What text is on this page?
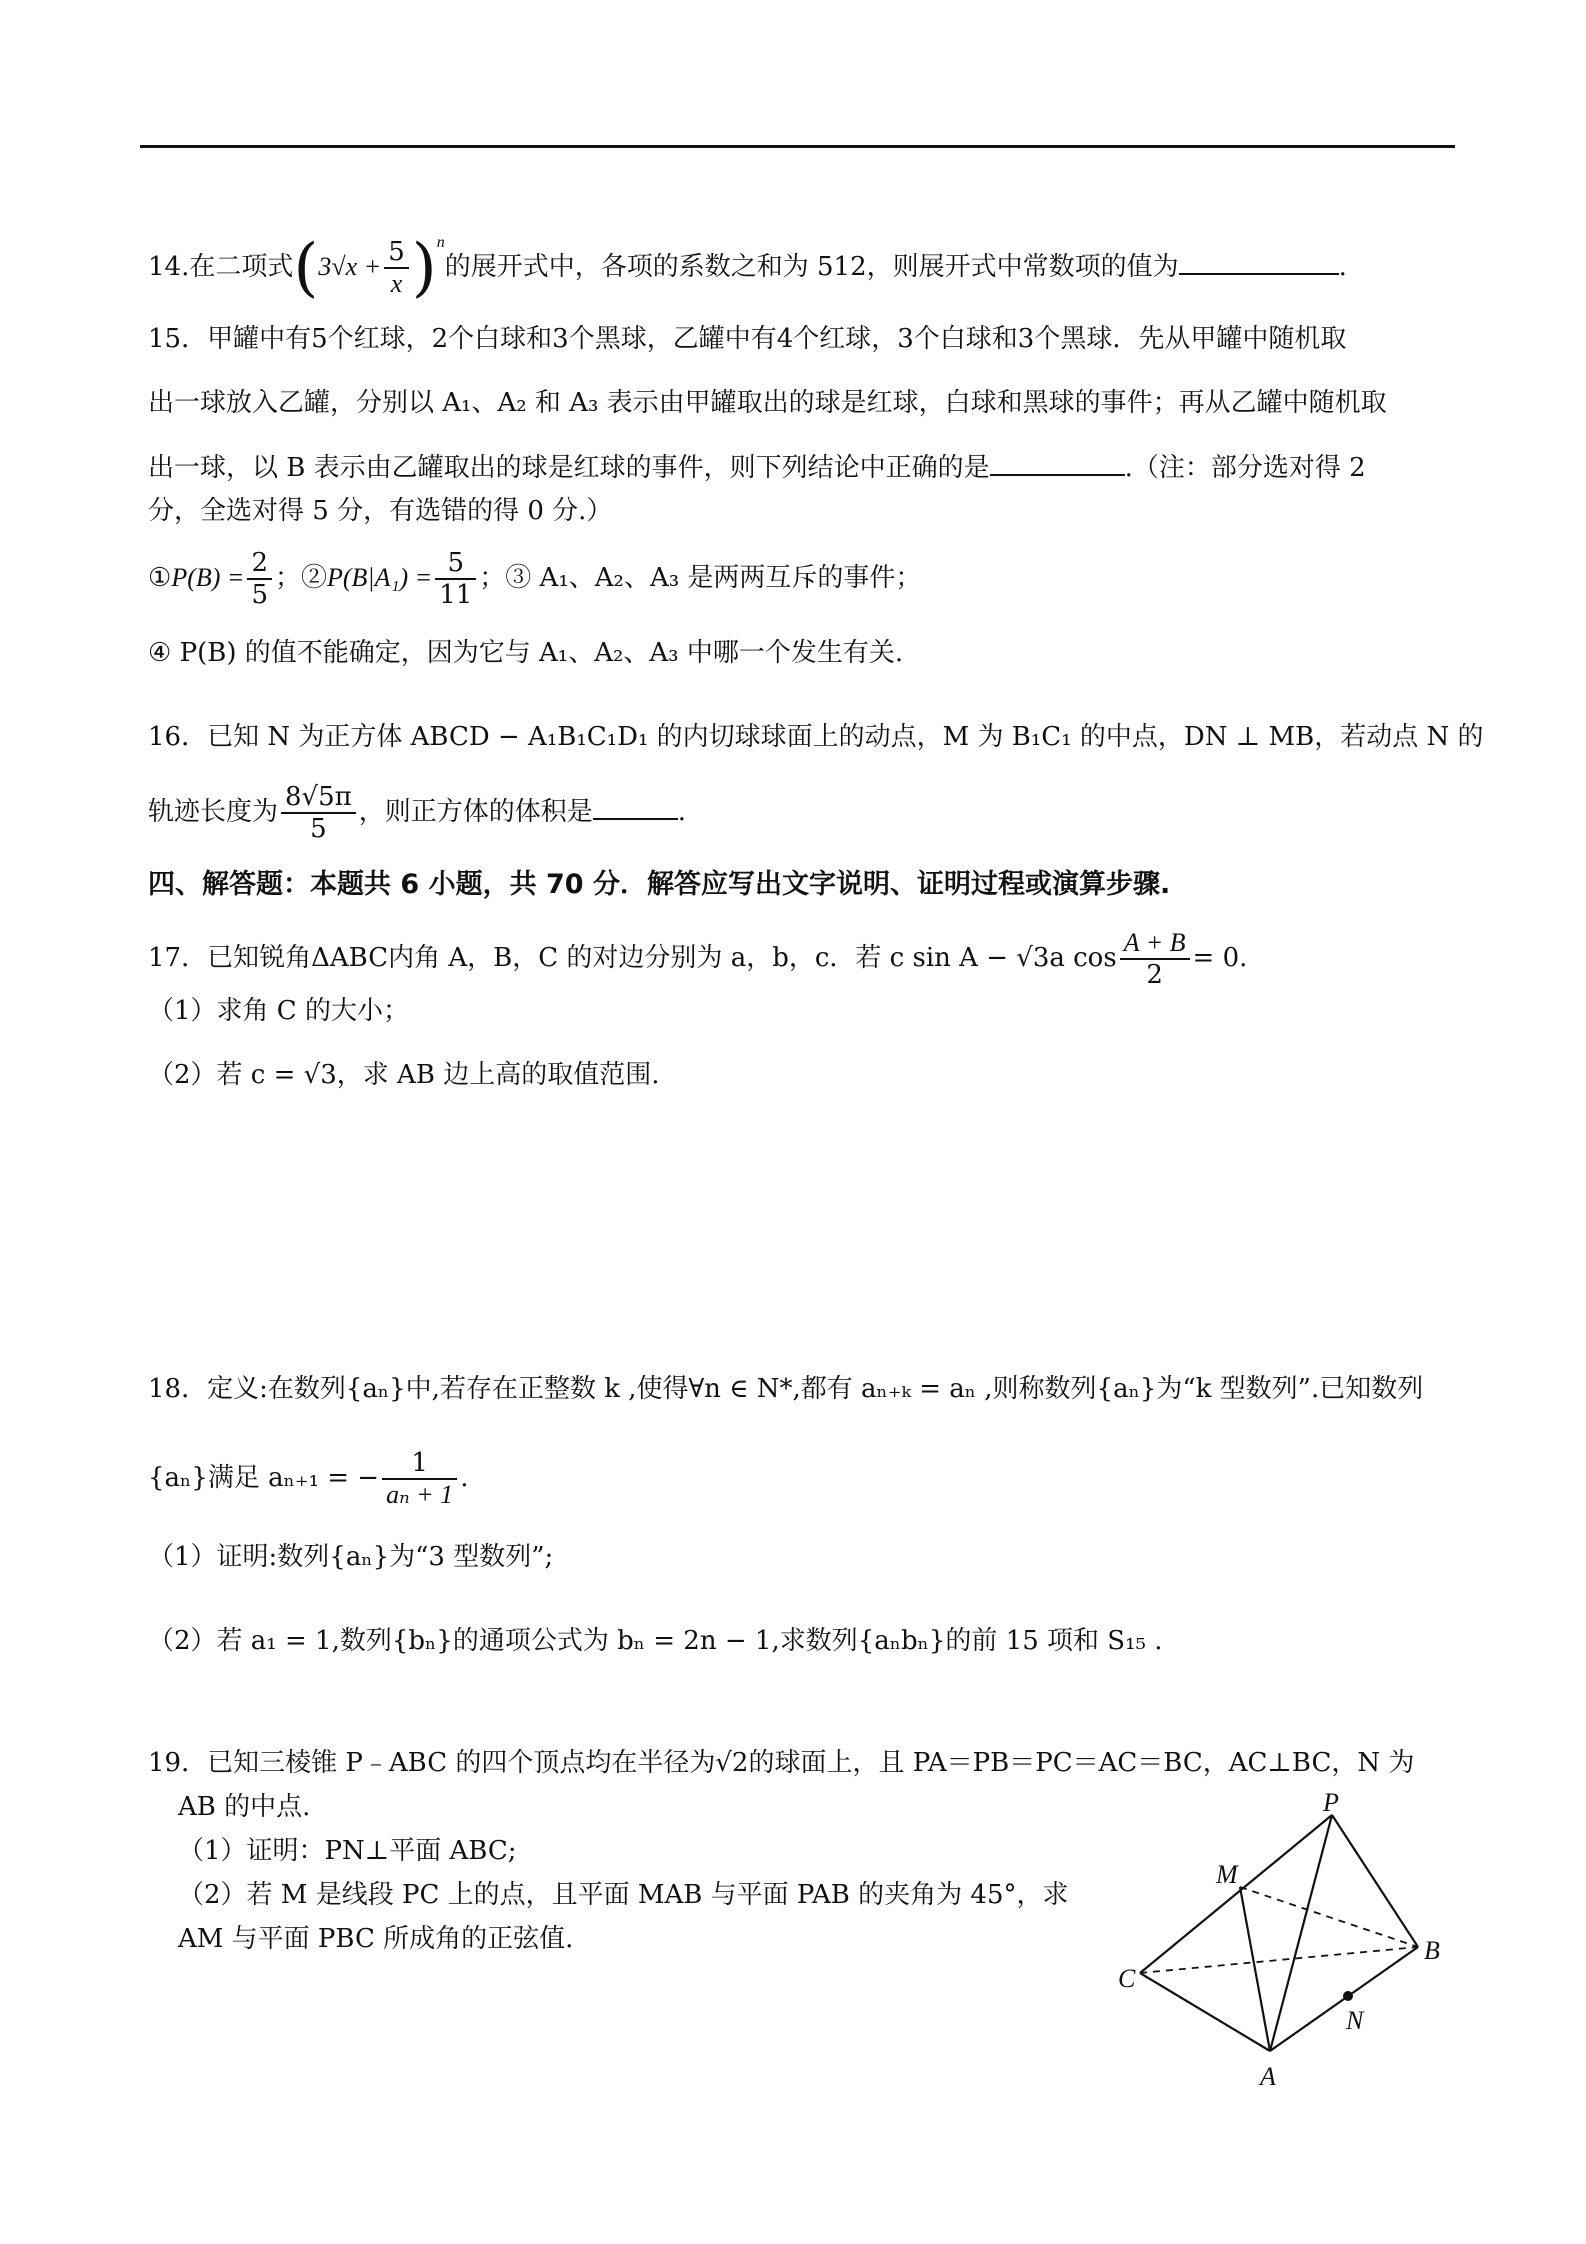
14.在二项式$(3√x + \frac{5}{x} )^n$的展开式中，各项的系数之和为 512，则展开式中常数项的值为	.
15．甲罐中有5个红球，2个白球和3个黑球，乙罐中有4个红球，3个白球和3个黑球．先从甲罐中随机取
出一球放入乙罐，分别以 A₁、A₂ 和 A₃ 表示由甲罐取出的球是红球，白球和黑球的事件；再从乙罐中随机取
出一球，以 B 表示由乙罐取出的球是红球的事件，则下列结论中正确的是	.（注：部分选对得 2
分，全选对得 5 分，有选错的得 0 分.）
①P(B) = $\frac{2}{5}$ ；②P(B|A₁) = $\frac{5}{11}$ ；③ A₁、A₂、A₃ 是两两互斥的事件；
④ P(B) 的值不能确定，因为它与 A₁、A₂、A₃ 中哪一个发生有关.
16．已知 N 为正方体 ABCD − A₁B₁C₁D₁ 的内切球球面上的动点，M 为 B₁C₁ 的中点，DN ⊥ MB，若动点 N 的
轨迹长度为 $\frac{8√5\pi}{5}$ ，则正方体的体积是	.
四、解答题：本题共 6 小题，共 70 分．解答应写出文字说明、证明过程或演算步骤.
17．已知锐角ΔABC内角 A，B，C 的对边分别为 a，b，c．若 c sin A − √3a $\cos \frac{A + B}{2} = 0$.
（1）求角 C 的大小；
（2）若 c = √3，求 AB 边上高的取值范围.
18．定义:在数列{aₙ}中,若存在正整数 k ,使得∀n ∈ N*,都有 aₙ₊ₖ = aₙ ,则称数列{aₙ}为“k 型数列”.已知数列
{aₙ}满足 aₙ₊₁ = − $\frac{1}{\text{aₙ + 1}}$ .
（1）证明:数列{aₙ}为“3 型数列”;
（2）若 a₁ = 1,数列{bₙ}的通项公式为 bₙ = 2n − 1,求数列{aₙbₙ}的前 15 项和 S₁₅ .
19．已知三棱锥 P﹣ABC 的四个顶点均在半径为√2的球面上，且 PA＝PB＝PC＝AC＝BC，AC⊥BC，N 为
AB 的中点.
（1）证明：PN⊥平面 ABC;
（2）若 M 是线段 PC 上的点，且平面 MAB 与平面 PAB 的夹角为 45°，求
AM 与平面 PBC 所成角的正弦值.
P
M
C
B
N
A
